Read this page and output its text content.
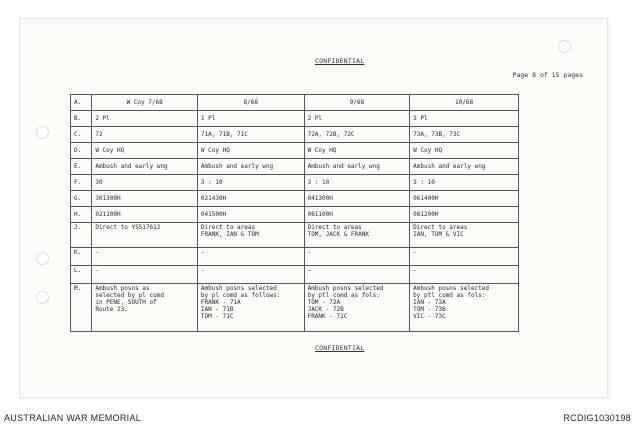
CONFIDENTIAL
Page 8 of 15 pages
A.	W Coy 7/68	8/68	9/68	10/68
B.	2 Pl	1 Pl	2 Pl	3 Pl
C.	72	71A, 71B, 71C	72A, 72B, 72C	73A, 73B, 73C
D.	W Coy HQ	W Coy HQ	W Coy HQ	W Coy HQ
E.	Ambush and early wng	Ambush and early wng	Ambush and early wng	Ambush and early wng
F.	30	3 : 10	3 : 10	3 : 10
G.	301300H	021430H	041300H	061400H
H.	021100H	041500H	061100H	081200H
J.	Direct to YS517612	Direct to areas
FRANK, IAN & TOM	Direct to areas
TOM, JACK & FRANK	Direct to areas
IAN, TOM & VIC
K.	-	-	-	-
L.	-	-	-	-
M.	Ambush posns as
selected by pl comd
in PENE, SOUTH of
Route 23.	Ambush posns selected
by pl comd as follows:
FRANK - 71A
IAN - 71B
TOM - 71C	Ambush posns selected
by ptl comd as fols:
TOM - 72A
JACK - 72B
FRANK - 72C	Ambush posns selected
by ptl comd as fols:
IAN - 73A
TOM - 73B
VIC - 73C
CONFIDENTIAL
AUSTRALIAN WAR MEMORIAL	RCDIG1030198
